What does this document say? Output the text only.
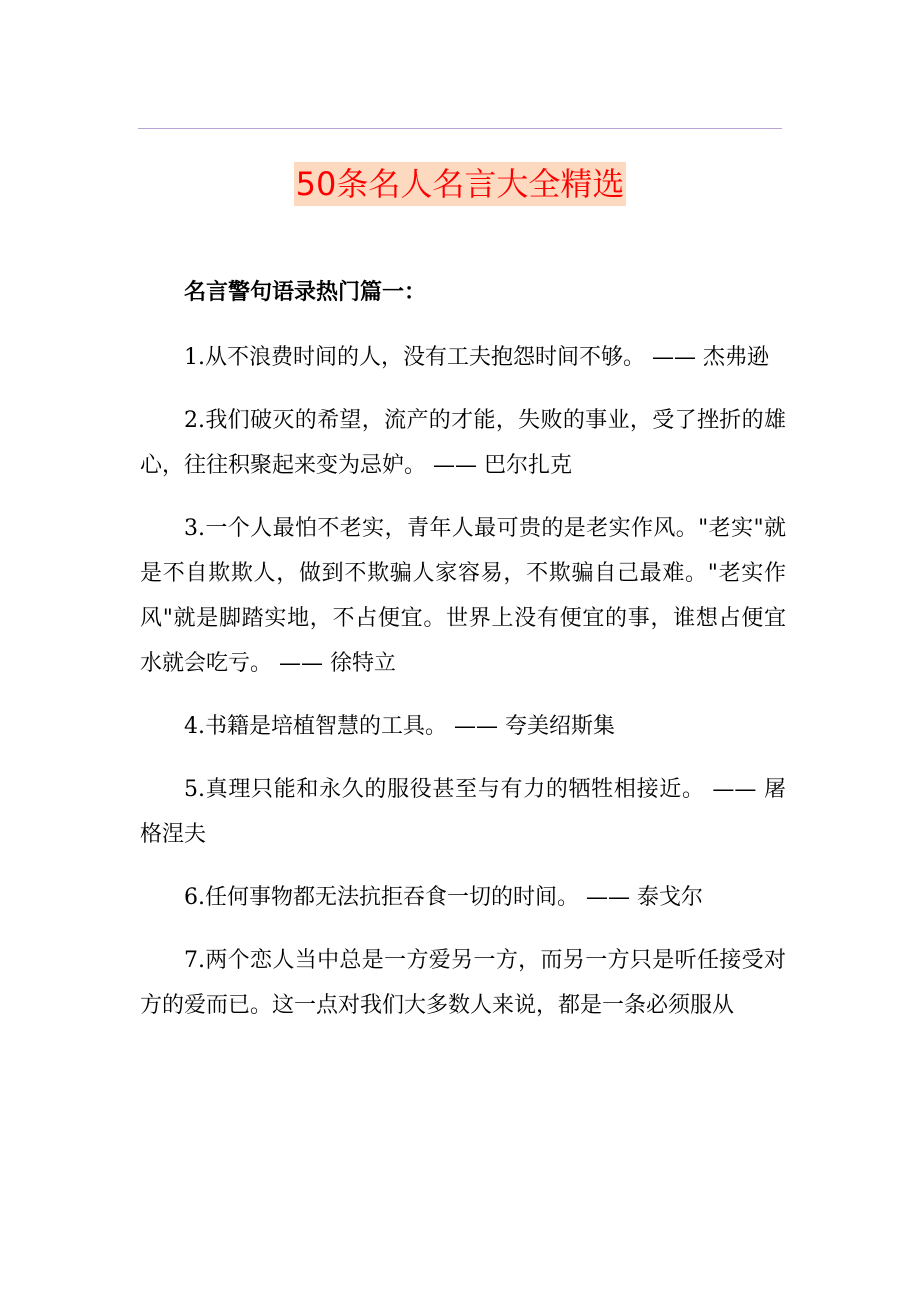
50条名人名言大全精选

名言警句语录热门篇一：

1.从不浪费时间的人，没有工夫抱怨时间不够。 —— 杰弗逊

2.我们破灭的希望，流产的才能，失败的事业，受了挫折的雄心，往往积聚起来变为忌妒。 —— 巴尔扎克

3.一个人最怕不老实，青年人最可贵的是老实作风。"老实"就是不自欺欺人，做到不欺骗人家容易，不欺骗自己最难。"老实作风"就是脚踏实地，不占便宜。世界上没有便宜的事，谁想占便宜水就会吃亏。 —— 徐特立

4.书籍是培植智慧的工具。 —— 夸美绍斯集

5.真理只能和永久的服役甚至与有力的牺牲相接近。 —— 屠格涅夫

6.任何事物都无法抗拒吞食一切的时间。 —— 泰戈尔

7.两个恋人当中总是一方爱另一方，而另一方只是听任接受对方的爱而已。这一点对我们大多数人来说，都是一条必须服从
